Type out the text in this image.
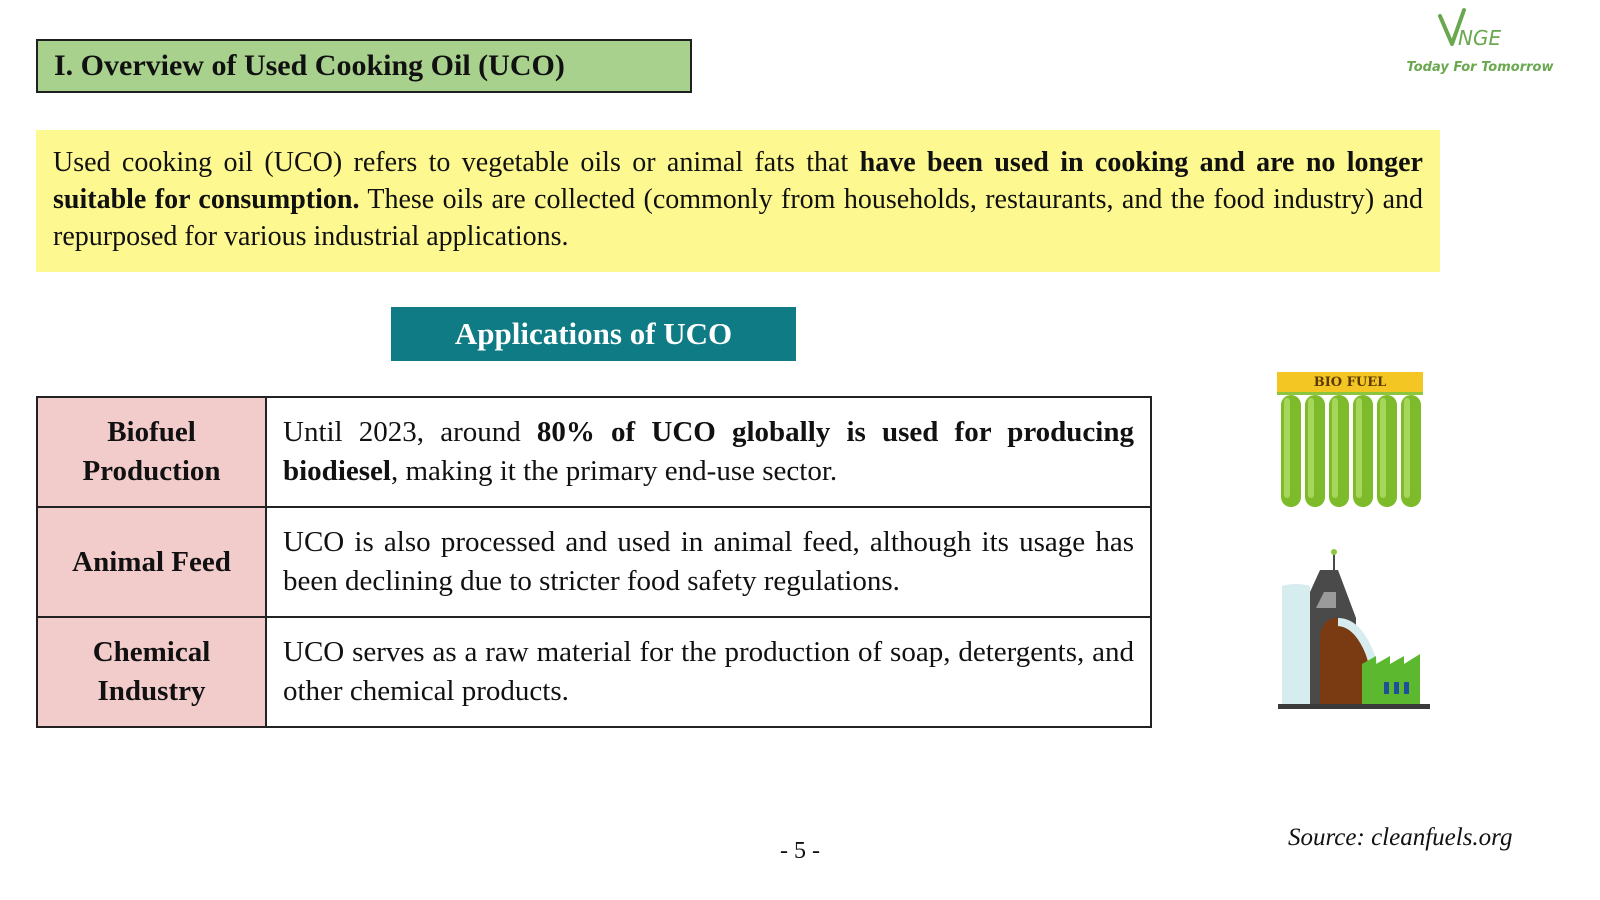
I. Overview of Used Cooking Oil (UCO)
NGE
Today For Tomorrow
Used cooking oil (UCO) refers to vegetable oils or animal fats that have been used in cooking and are no longer suitable for consumption. These oils are collected (commonly from households, restaurants, and the food industry) and repurposed for various industrial applications.
Applications of UCO
Biofuel Production	Until 2023, around 80% of UCO globally is used for producing biodiesel, making it the primary end-use sector.
Animal Feed	UCO is also processed and used in animal feed, although its usage has been declining due to stricter food safety regulations.
Chemical Industry	UCO serves as a raw material for the production of soap, detergents, and other chemical products.
BIO FUEL
- 5 -	Source: cleanfuels.org
